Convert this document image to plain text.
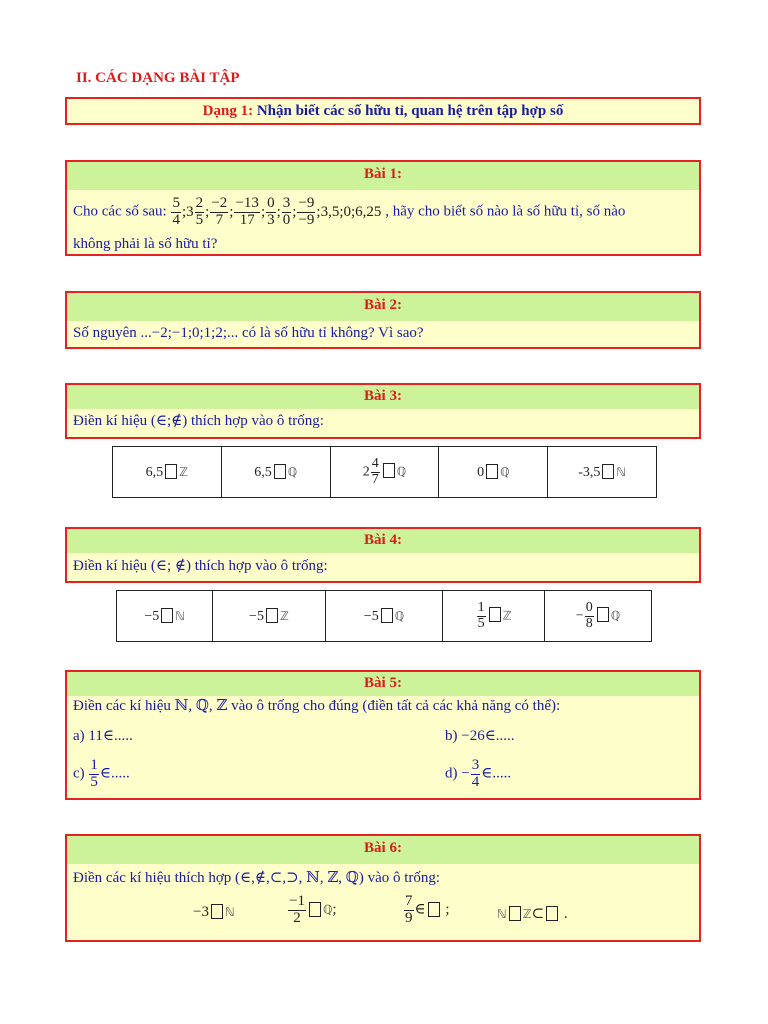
II. CÁC DẠNG BÀI TẬP
Dạng 1: Nhận biết các số hữu tỉ, quan hệ trên tập hợp số
Bài 1:
Cho các số sau: $\frac{5}{4}$ ;3 $\frac{2}{5}$ ; $\frac{-2}{7}$ ; $\frac{-13}{17}$ ; $\frac{0}{3}$ ; $\frac{3}{0}$ ; $\frac{-9}{-9}$ ;3,5;0;6,25 , hãy cho biết số nào là số hữu tỉ, số nào
không phải là số hữu tỉ?
Bài 2:
Số nguyên ...−2;−1;0;1;2;... có là số hữu tỉ không? Vì sao?
Bài 3:
Điền kí hiệu (∈;∉) thích hợp vào ô trống:
6,5 ℤ	6,5 ℚ	$2 \frac{4}{7}$ ℚ	0 ℚ	-3,5 ℕ
Bài 4:
Điền kí hiệu (∈; ∉) thích hợp vào ô trống:
−5 ℕ	−5 ℤ	−5 ℚ	$\frac{1}{5}$ ℤ	− $\frac{0}{8}$ ℚ
Bài 5:
Điền các kí hiệu ℕ, ℚ, ℤ vào ô trống cho đúng (điền tất cả các khả năng có thể):
a) 11∈.....	b) −26∈.....
$c) \frac{1}{5}$ ∈.....	$d) - \frac{3}{4}$ ∈.....
Bài 6:
Điền các kí hiệu thích hợp (∈,∉,⊂,⊃, ℕ, ℤ, ℚ) vào ô trống:
−3 ℕ	$\frac{-1}{2}$ ℚ;	$\frac{7}{9}$ ∈ ;	ℕ ℤ⊂ .
